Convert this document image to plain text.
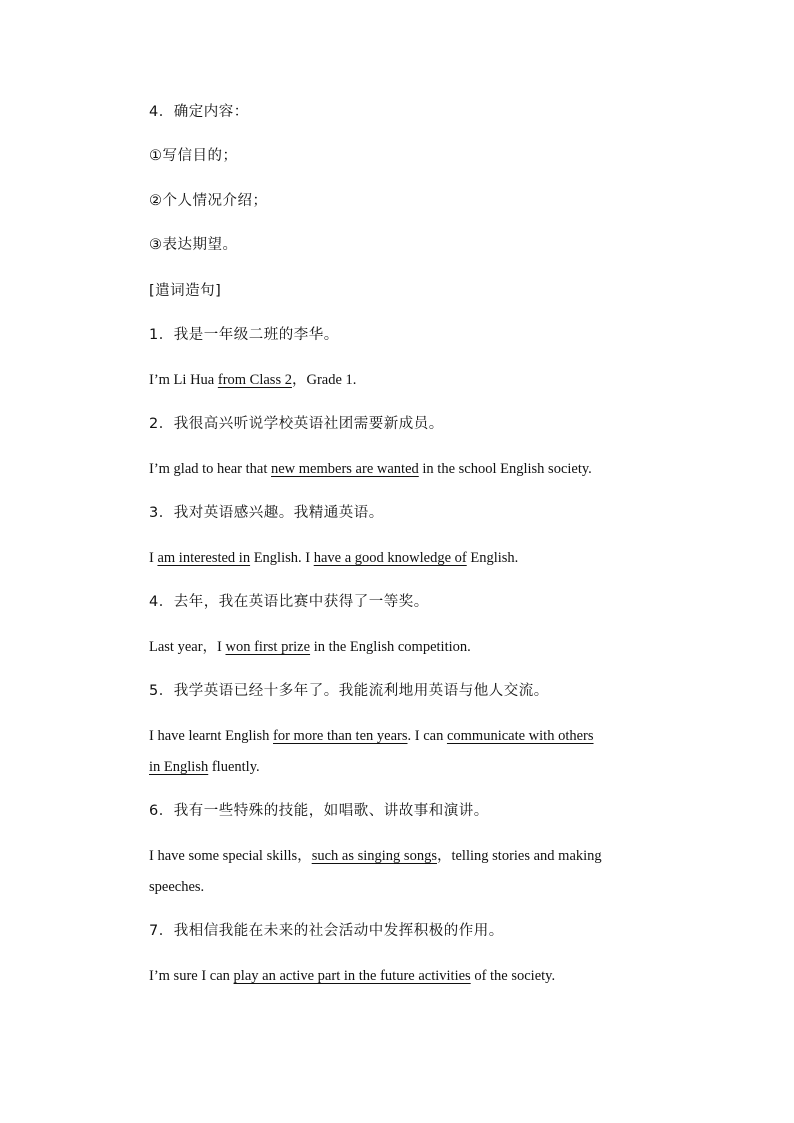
4．确定内容：
①写信目的；
②个人情况介绍；
③表达期望。
[遣词造句]
1．我是一年级二班的李华。
I’m Li Hua from Class 2，Grade 1.
2．我很高兴听说学校英语社团需要新成员。
I’m glad to hear that new members are wanted in the school English society.
3．我对英语感兴趣。我精通英语。
I am interested in English. I have a good knowledge of English.
4．去年，我在英语比赛中获得了一等奖。
Last year，I won first prize in the English competition.
5．我学英语已经十多年了。我能流利地用英语与他人交流。
I have learnt English for more than ten years. I can communicate with others
in English fluently.
6．我有一些特殊的技能，如唱歌、讲故事和演讲。
I have some special skills，such as singing songs，telling stories and making
speeches.
7．我相信我能在未来的社会活动中发挥积极的作用。
I’m sure I can play an active part in the future activities of the society.
